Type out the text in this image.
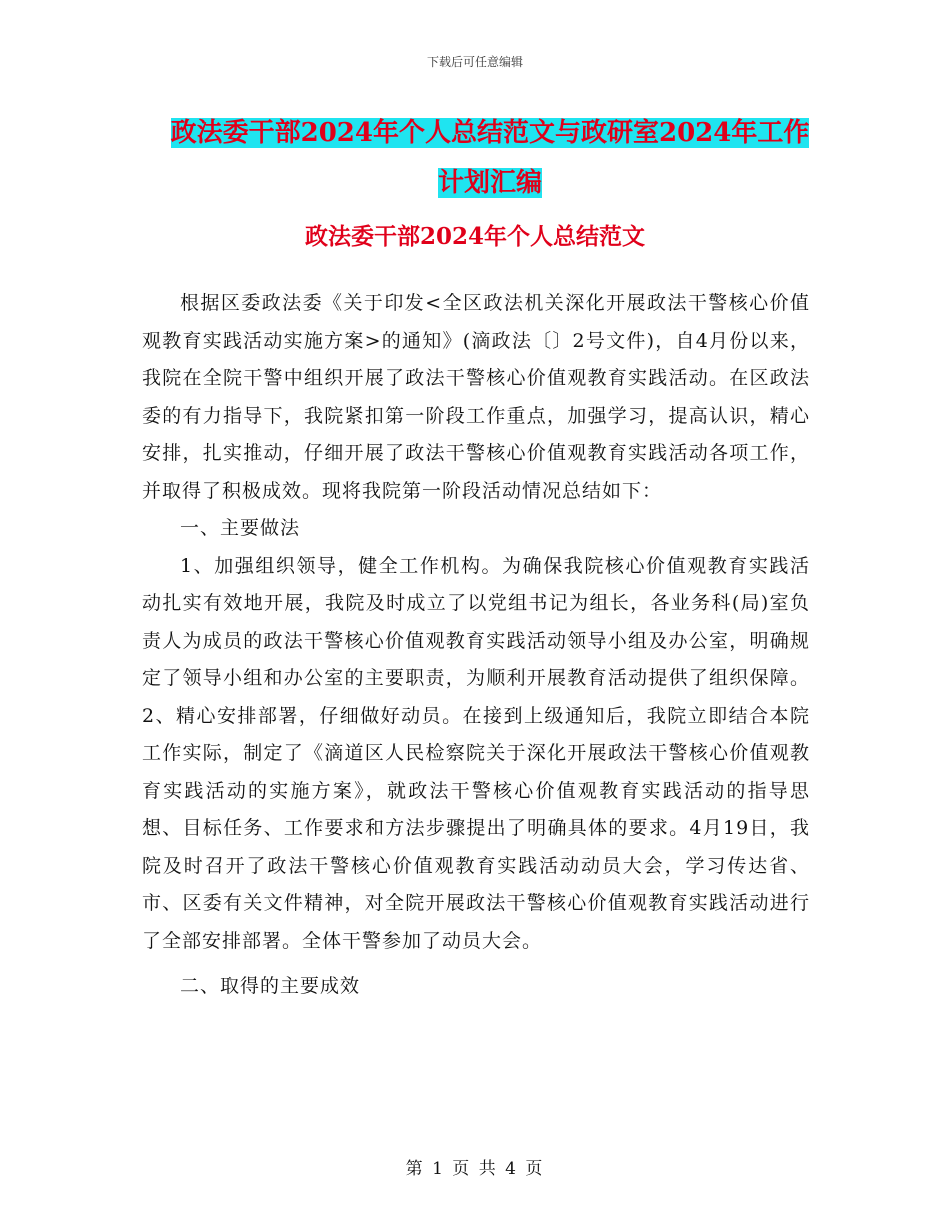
下载后可任意编辑
政法委干部2024年个人总结范文与政研室2024年工作计划汇编
政法委干部2024年个人总结范文

根据区委政法委《关于印发<全区政法机关深化开展政法干警核心价值观教育实践活动实施方案>的通知》(滴政法〔〕2号文件)，自4月份以来，我院在全院干警中组织开展了政法干警核心价值观教育实践活动。在区政法委的有力指导下，我院紧扣第一阶段工作重点，加强学习，提高认识，精心安排，扎实推动，仔细开展了政法干警核心价值观教育实践活动各项工作，并取得了积极成效。现将我院第一阶段活动情况总结如下：

一、主要做法

1、加强组织领导，健全工作机构。为确保我院核心价值观教育实践活动扎实有效地开展，我院及时成立了以党组书记为组长，各业务科(局)室负责人为成员的政法干警核心价值观教育实践活动领导小组及办公室，明确规定了领导小组和办公室的主要职责，为顺利开展教育活动提供了组织保障。 2、精心安排部署，仔细做好动员。在接到上级通知后，我院立即结合本院工作实际，制定了《滴道区人民检察院关于深化开展政法干警核心价值观教育实践活动的实施方案》，就政法干警核心价值观教育实践活动的指导思想、目标任务、工作要求和方法步骤提出了明确具体的要求。4月19日，我院及时召开了政法干警核心价值观教育实践活动动员大会，学习传达省、市、区委有关文件精神，对全院开展政法干警核心价值观教育实践活动进行了全部安排部署。全体干警参加了动员大会。

二、取得的主要成效

第 1 页 共 4 页
